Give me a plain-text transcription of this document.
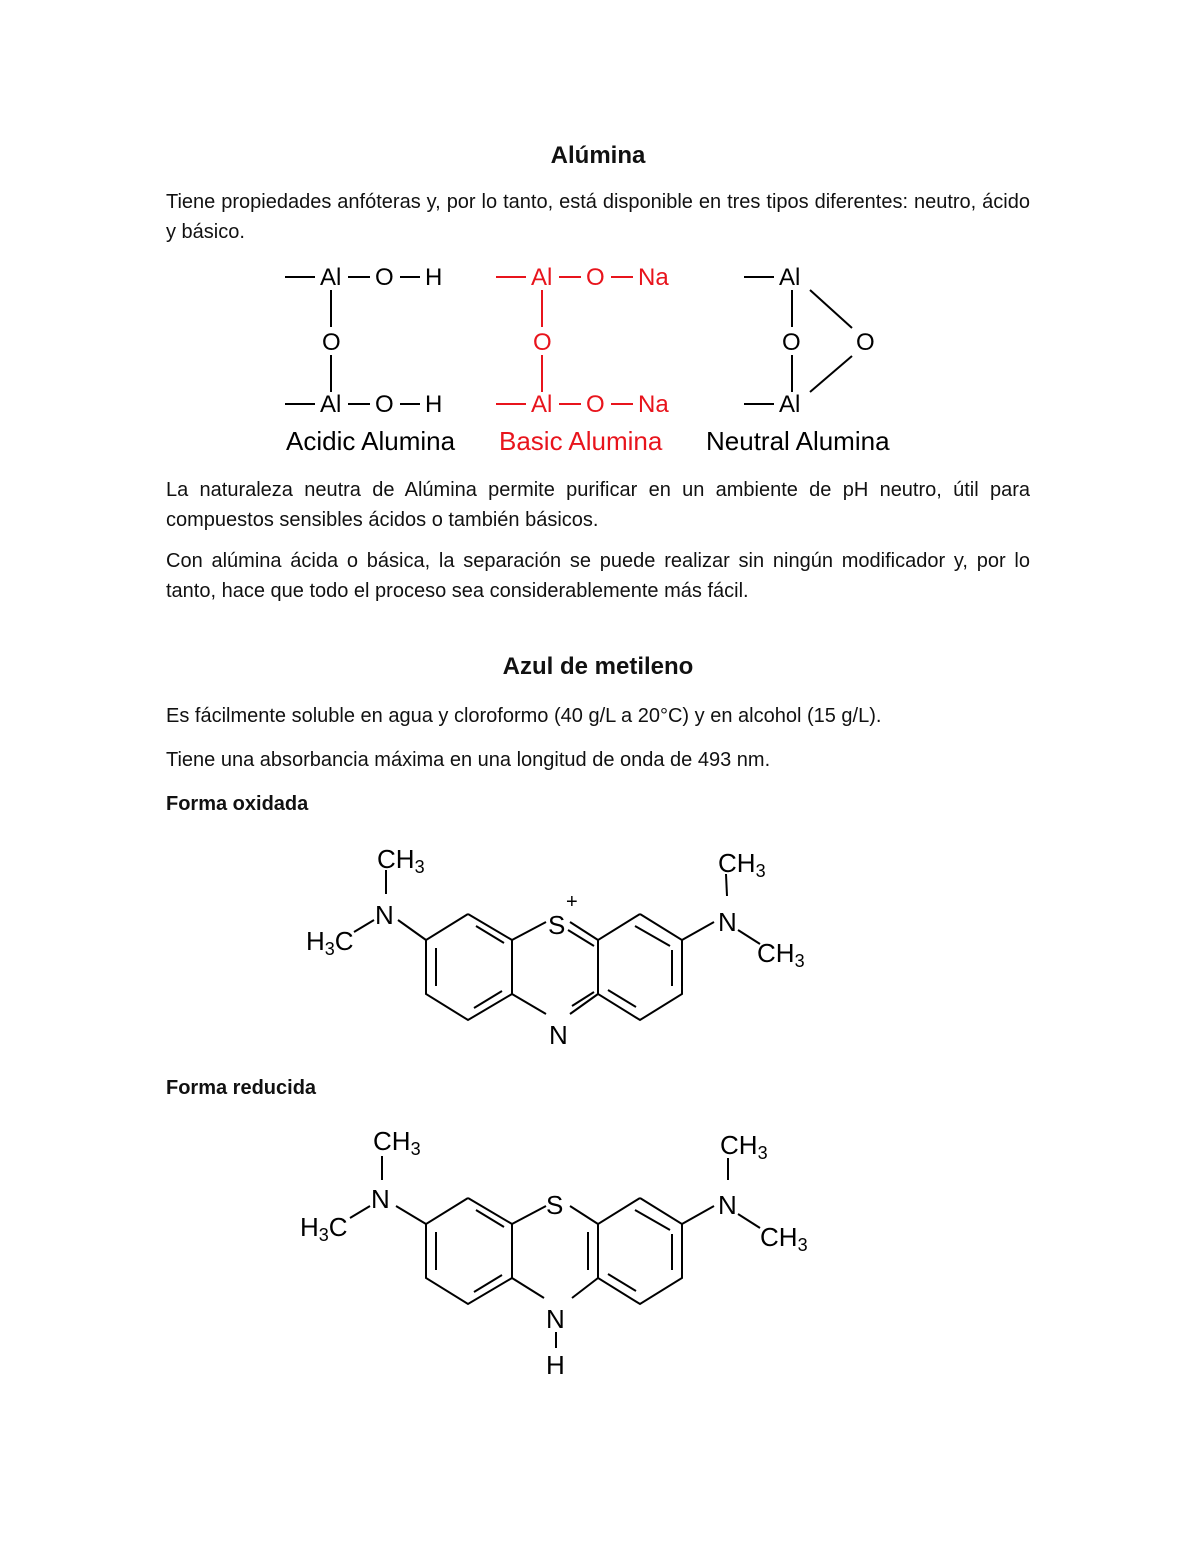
Alúmina

Tiene propiedades anfóteras y, por lo tanto, está disponible en tres tipos diferentes: neutro, ácido y básico.

Al O H
O
Al O H
Acidic Alumina
Al O Na
O
Al O Na
Basic Alumina
Al
O O
Al
Neutral Alumina

La naturaleza neutra de Alúmina permite purificar en un ambiente de pH neutro, útil para compuestos sensibles ácidos o también básicos.

Con alúmina ácida o básica, la separación se puede realizar sin ningún modificador y, por lo tanto, hace que todo el proceso sea considerablemente más fácil.

Azul de metileno

Es fácilmente soluble en agua y cloroformo (40 g/L a 20°C) y en alcohol (15 g/L).

Tiene una absorbancia máxima en una longitud de onda de 493 nm.

Forma oxidada

S
+
N
N	N
CH3
H3C
CH3
CH3

Forma reducida

S
N
H
N	N
CH3
H3C
CH3
CH3
